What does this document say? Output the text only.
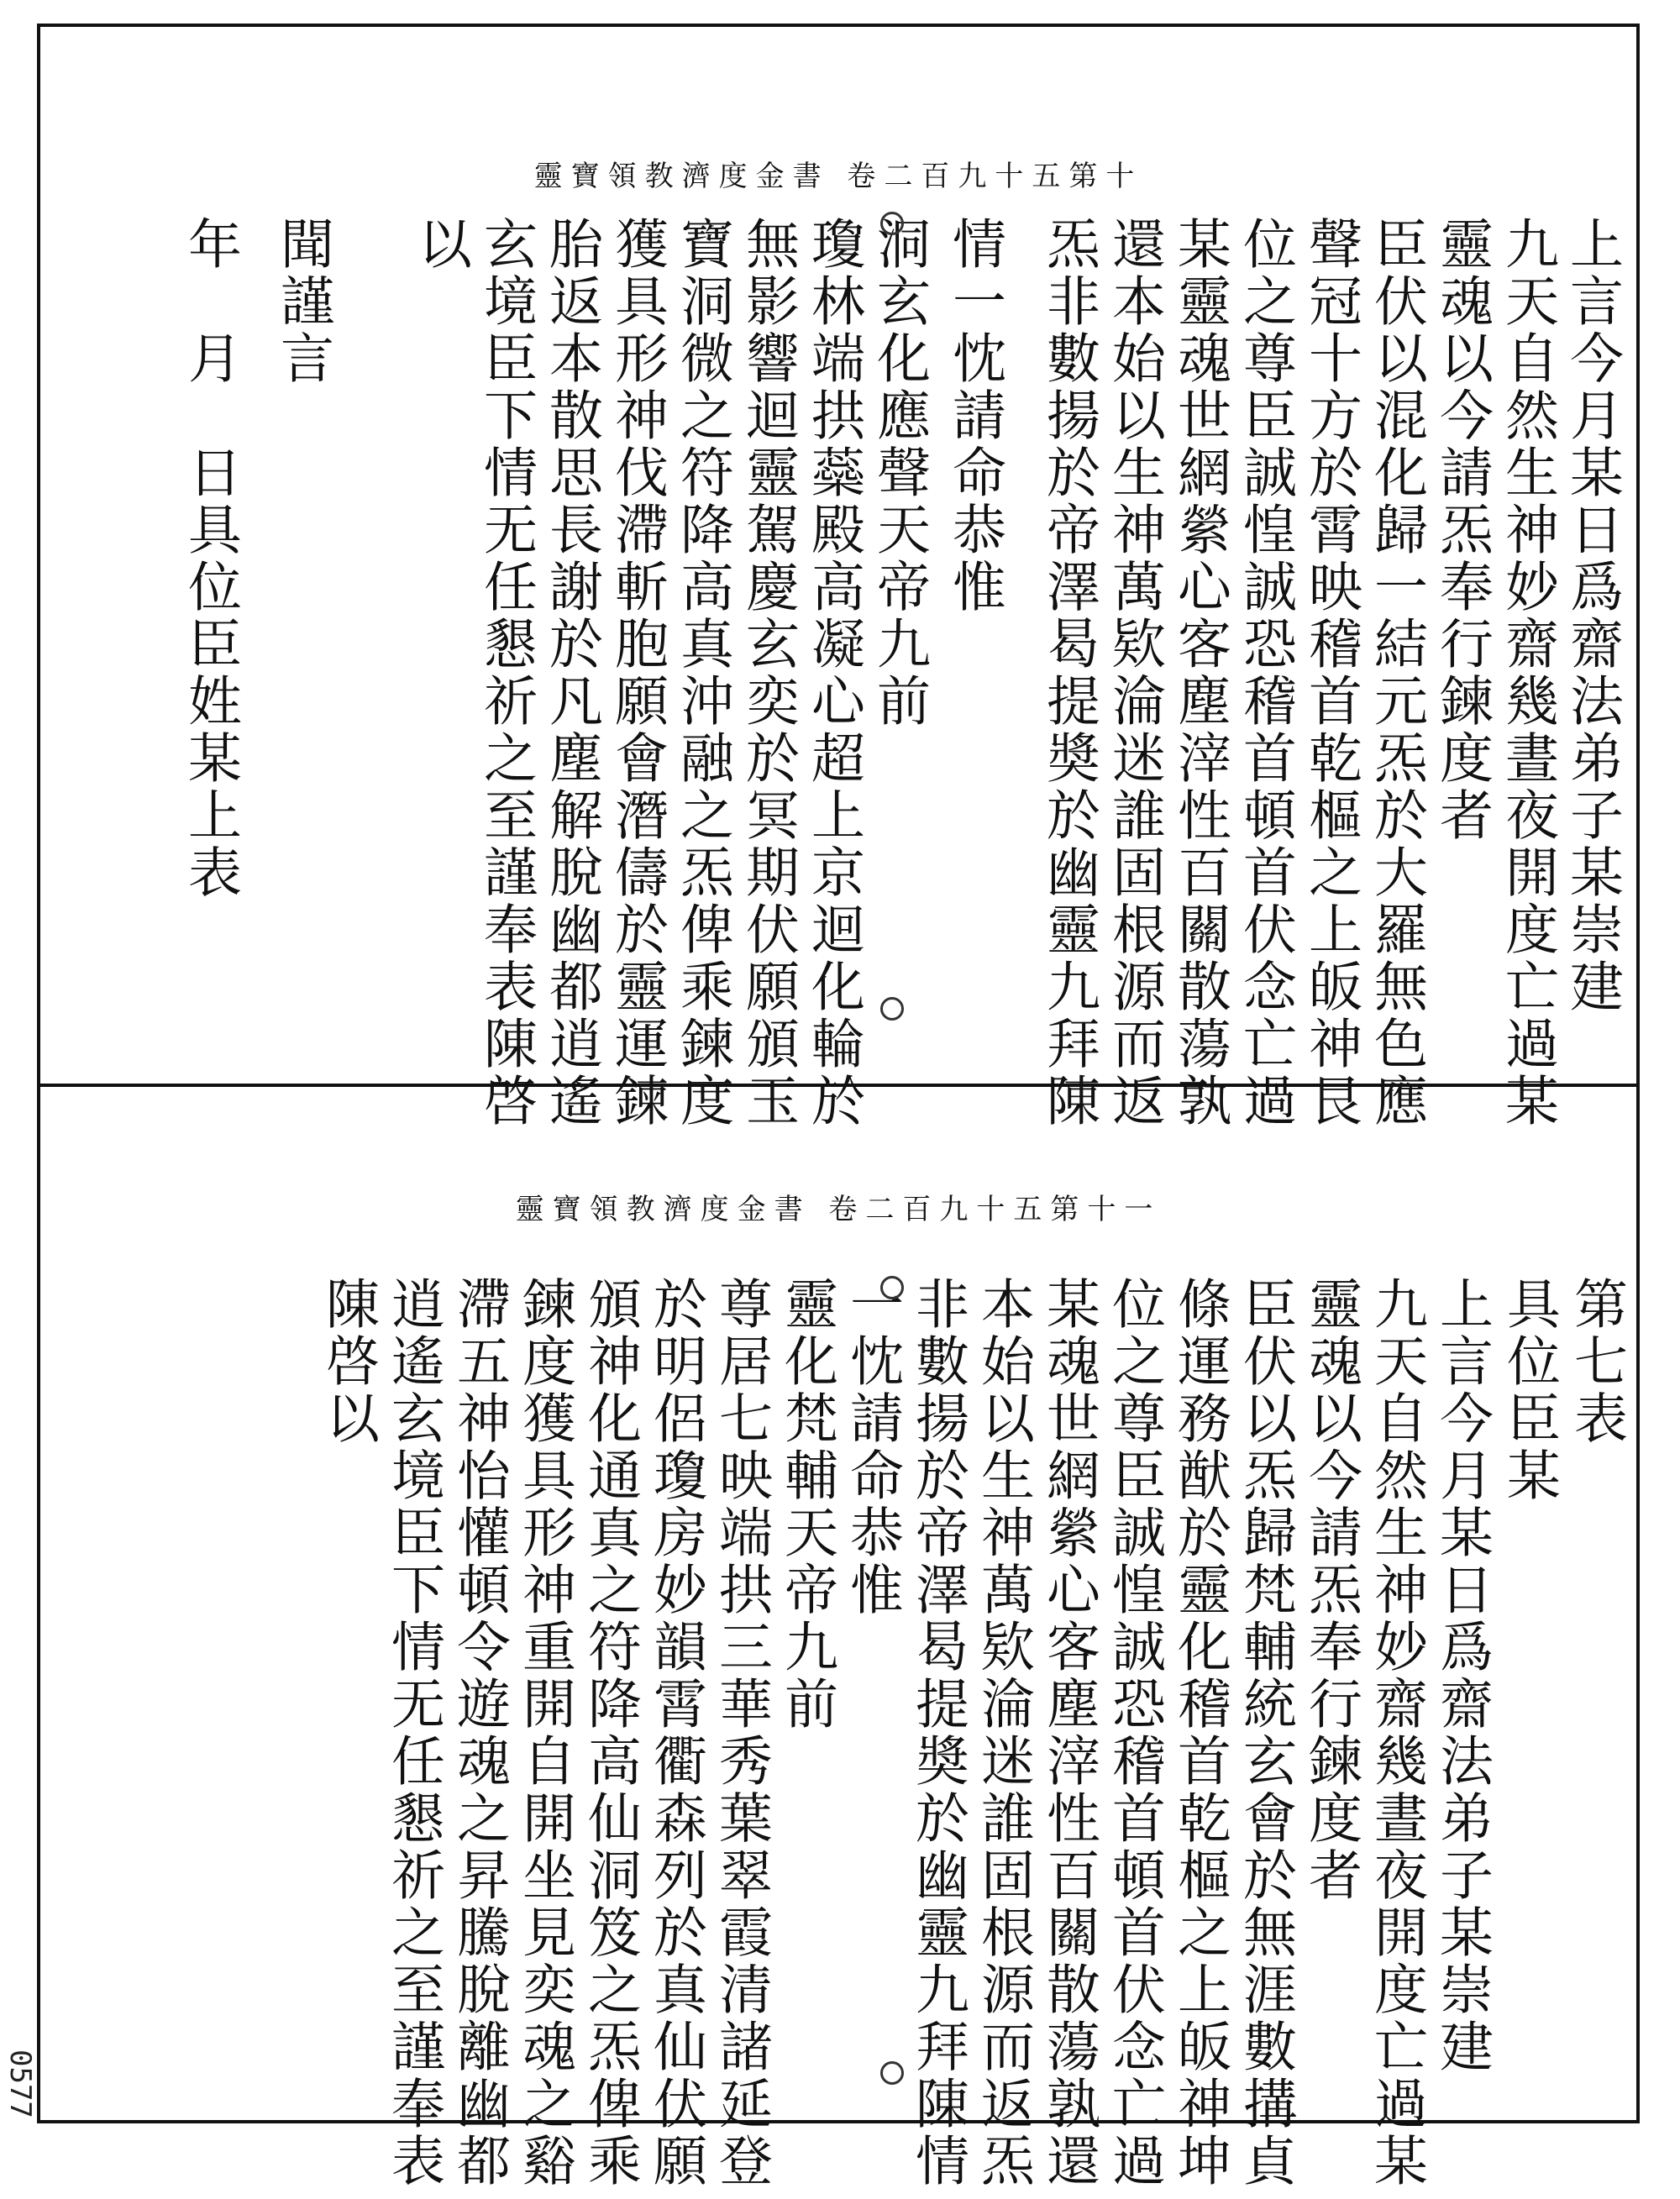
靈寶領教濟度金書 卷二百九十五第十
上言今月某日爲齋法弟子某崇建
九天自然生神妙齋幾晝夜開度亡過某
靈魂以今請炁奉行鍊度者
臣伏以混化歸一結元炁於大羅無色應
聲冠十方於霄映稽首乾樞之上皈神艮
位之尊臣誠惶誠恐稽首頓首伏念亡過
某靈魂世網縈心客塵滓性百關散蕩孰
還本始以生神萬欵淪迷誰固根源而返
炁非數揚於帝澤曷提奬於幽靈九拜陳
情一忱請命恭惟
洞玄化應聲天帝九前
瓊林端拱蘂殿高凝心超上京迴化輪於
無影響迴靈駕慶玄奕於冥期伏願頒玉
寶洞微之符降高真沖融之炁俾乘鍊度
獲具形神伐滯斬胞願會潛儔於靈運鍊
胎返本散思長謝於凡塵解脫幽都逍遙
玄境臣下情无任懇祈之至謹奉表陳啓
以
聞謹言
年　月　日具位臣姓某上表
靈寶領教濟度金書 卷二百九十五第十一
第七表
具位臣某
上言今月某日爲齋法弟子某崇建
九天自然生神妙齋幾晝夜開度亡過某
靈魂以今請炁奉行鍊度者
臣伏以炁歸梵輔統玄會於無涯數搆貞
條運務猷於靈化稽首乾樞之上皈神坤
位之尊臣誠惶誠恐稽首頓首伏念亡過
某魂世網縈心客塵滓性百關散蕩孰還
本始以生神萬欵淪迷誰固根源而返炁
非數揚於帝澤曷提奬於幽靈九拜陳情
一忱請命恭惟
靈化梵輔天帝九前
尊居七映端拱三華秀葉翠霞清諸延登
於明侶瓊房妙韻霄衢森列於真仙伏願
頒神化通真之符降高仙洞笈之炁俾乘
鍊度獲具形神重開自開坐見奕魂之谿
滯五神怡懽頓令遊魂之昇騰脫離幽都
逍遙玄境臣下情无任懇祈之至謹奉表
陳啓以
0577
